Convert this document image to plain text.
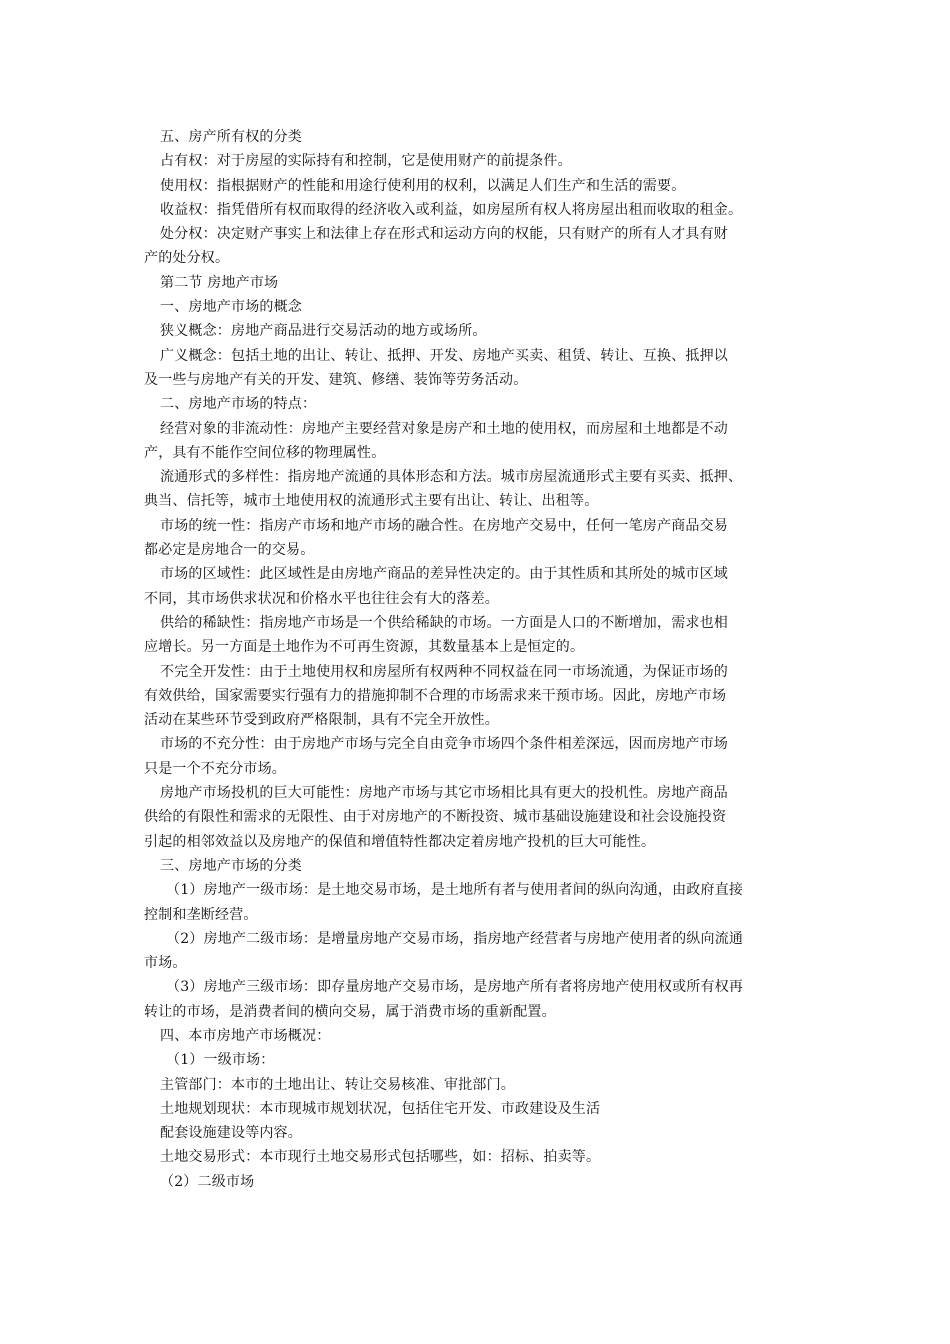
五、房产所有权的分类
占有权：对于房屋的实际持有和控制，它是使用财产的前提条件。
使用权：指根据财产的性能和用途行使利用的权利，以满足人们生产和生活的需要。
收益权：指凭借所有权而取得的经济收入或利益，如房屋所有权人将房屋出租而收取的租金。
处分权：决定财产事实上和法律上存在形式和运动方向的权能，只有财产的所有人才具有财
产的处分权。
第二节 房地产市场
一、房地产市场的概念
狭义概念：房地产商品进行交易活动的地方或场所。
广义概念：包括土地的出让、转让、抵押、开发、房地产买卖、租赁、转让、互换、抵押以
及一些与房地产有关的开发、建筑、修缮、装饰等劳务活动。
二、房地产市场的特点：
经营对象的非流动性：房地产主要经营对象是房产和土地的使用权，而房屋和土地都是不动
产，具有不能作空间位移的物理属性。
流通形式的多样性：指房地产流通的具体形态和方法。城市房屋流通形式主要有买卖、抵押、
典当、信托等，城市土地使用权的流通形式主要有出让、转让、出租等。
市场的统一性：指房产市场和地产市场的融合性。在房地产交易中，任何一笔房产商品交易
都必定是房地合一的交易。
市场的区域性：此区域性是由房地产商品的差异性决定的。由于其性质和其所处的城市区域
不同，其市场供求状况和价格水平也往往会有大的落差。
供给的稀缺性：指房地产市场是一个供给稀缺的市场。一方面是人口的不断增加，需求也相
应增长。另一方面是土地作为不可再生资源，其数量基本上是恒定的。
不完全开发性：由于土地使用权和房屋所有权两种不同权益在同一市场流通，为保证市场的
有效供给，国家需要实行强有力的措施抑制不合理的市场需求来干预市场。因此，房地产市场
活动在某些环节受到政府严格限制，具有不完全开放性。
市场的不充分性：由于房地产市场与完全自由竞争市场四个条件相差深远，因而房地产市场
只是一个不充分市场。
房地产市场投机的巨大可能性：房地产市场与其它市场相比具有更大的投机性。房地产商品
供给的有限性和需求的无限性、由于对房地产的不断投资、城市基础设施建设和社会设施投资
引起的相邻效益以及房地产的保值和增值特性都决定着房地产投机的巨大可能性。
三、房地产市场的分类
（1）房地产一级市场：是土地交易市场，是土地所有者与使用者间的纵向沟通，由政府直接
控制和垄断经营。
（2）房地产二级市场：是增量房地产交易市场，指房地产经营者与房地产使用者的纵向流通
市场。
（3）房地产三级市场：即存量房地产交易市场，是房地产所有者将房地产使用权或所有权再
转让的市场，是消费者间的横向交易，属于消费市场的重新配置。
四、本市房地产市场概况：
（1）一级市场：
主管部门：本市的土地出让、转让交易核准、审批部门。
土地规划现状：本市现城市规划状况，包括住宅开发、市政建设及生活
配套设施建设等内容。
土地交易形式：本市现行土地交易形式包括哪些，如：招标、拍卖等。
（2）二级市场
